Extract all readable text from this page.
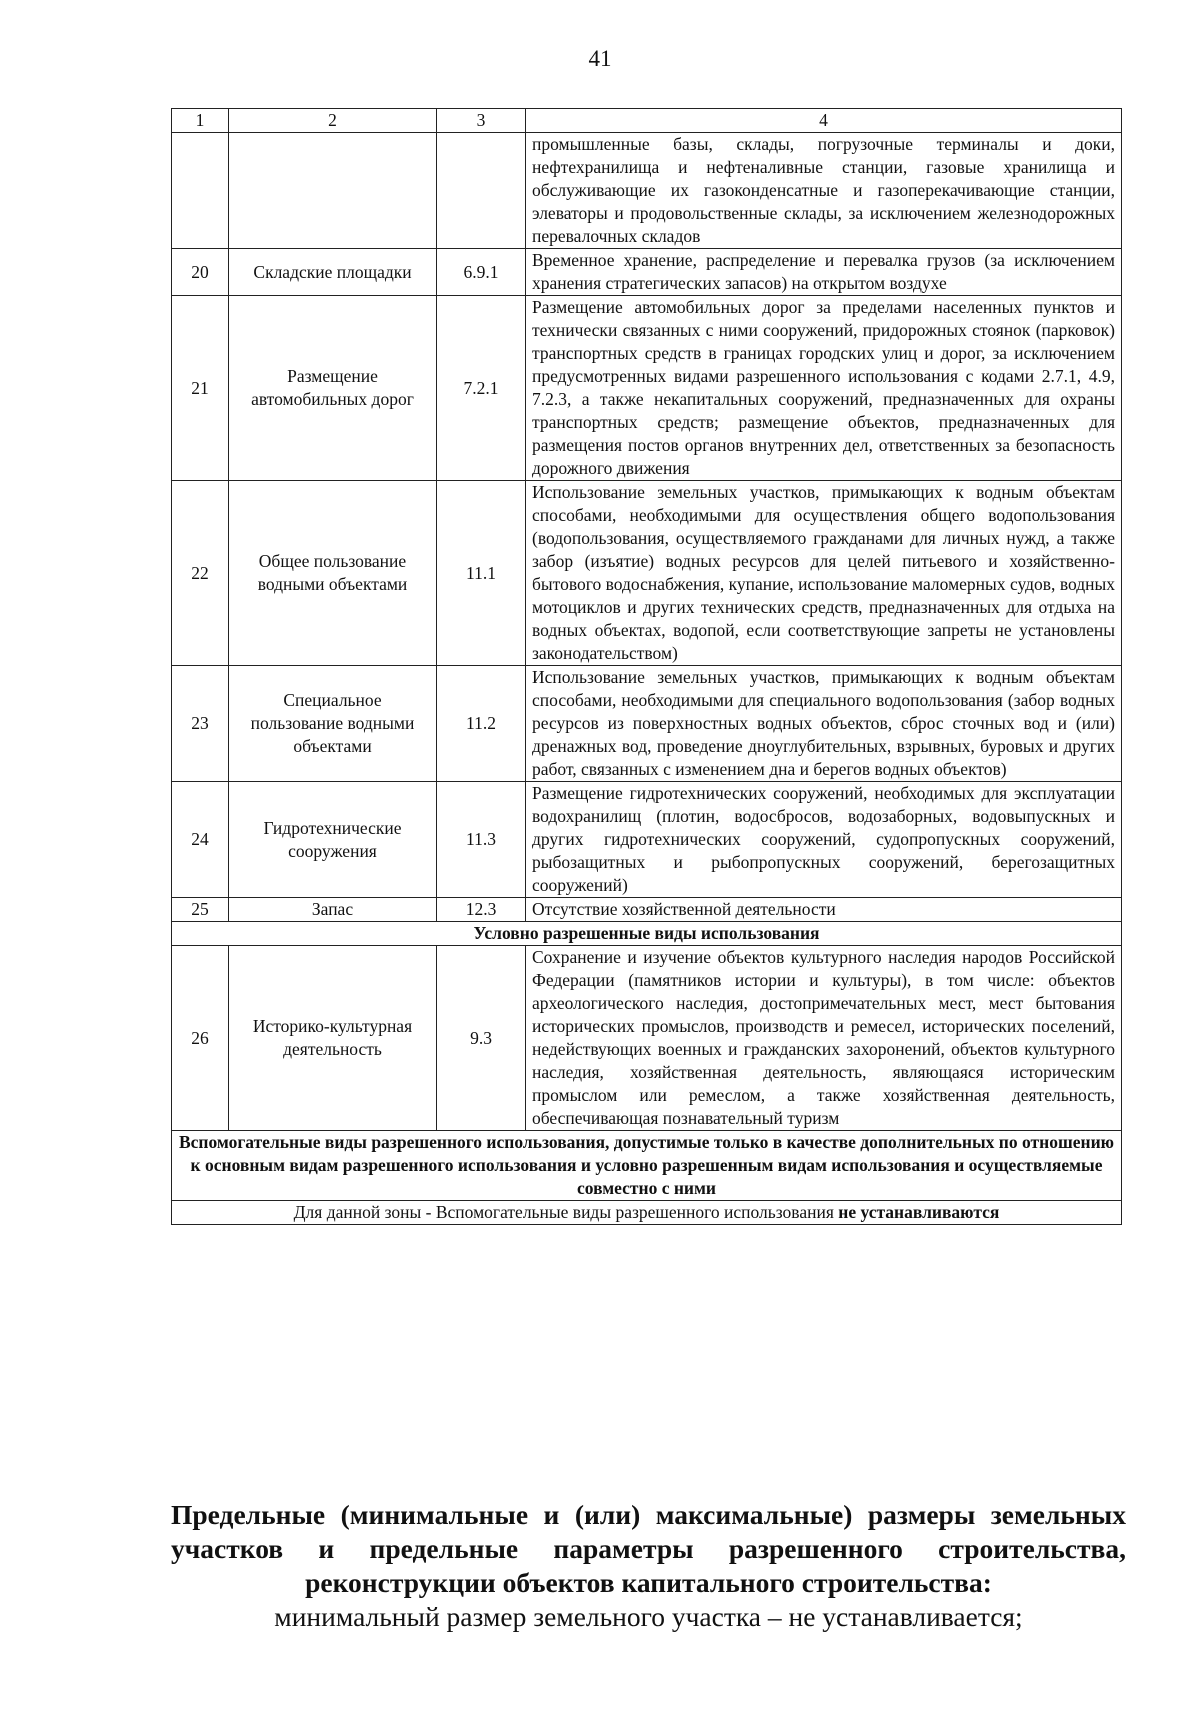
41
1	2	3	4
			промышленные базы, склады, погрузочные терминалы и доки, нефтехранилища и нефтеналивные станции, газовые хранилища и обслуживающие их газоконденсатные и газоперекачивающие станции, элеваторы и продовольственные склады, за исключением железнодорожных перевалочных складов
20	Складские площадки	6.9.1	Временное хранение, распределение и перевалка грузов (за исключением хранения стратегических запасов) на открытом воздухе
21	Размещение автомобильных дорог	7.2.1	Размещение автомобильных дорог за пределами населенных пунктов и технически связанных с ними сооружений, придорожных стоянок (парковок) транспортных средств в границах городских улиц и дорог, за исключением предусмотренных видами разрешенного использования с кодами 2.7.1, 4.9, 7.2.3, а также некапитальных сооружений, предназначенных для охраны транспортных средств; размещение объектов, предназначенных для размещения постов органов внутренних дел, ответственных за безопасность дорожного движения
22	Общее пользование водными объектами	11.1	Использование земельных участков, примыкающих к водным объектам способами, необходимыми для осуществления общего водопользования (водопользования, осуществляемого гражданами для личных нужд, а также забор (изъятие) водных ресурсов для целей питьевого и хозяйственно-бытового водоснабжения, купание, использование маломерных судов, водных мотоциклов и других технических средств, предназначенных для отдыха на водных объектах, водопой, если соответствующие запреты не установлены законодательством)
23	Специальное пользование водными объектами	11.2	Использование земельных участков, примыкающих к водным объектам способами, необходимыми для специального водопользования (забор водных ресурсов из поверхностных водных объектов, сброс сточных вод и (или) дренажных вод, проведение дноуглубительных, взрывных, буровых и других работ, связанных с изменением дна и берегов водных объектов)
24	Гидротехнические сооружения	11.3	Размещение гидротехнических сооружений, необходимых для эксплуатации водохранилищ (плотин, водосбросов, водозаборных, водовыпускных и других гидротехнических сооружений, судопропускных сооружений, рыбозащитных и рыбопропускных сооружений, берегозащитных сооружений)
25	Запас	12.3	Отсутствие хозяйственной деятельности
Условно разрешенные виды использования			
26	Историко-культурная деятельность	9.3	Сохранение и изучение объектов культурного наследия народов Российской Федерации (памятников истории и культуры), в том числе: объектов археологического наследия, достопримечательных мест, мест бытования исторических промыслов, производств и ремесел, исторических поселений, недействующих военных и гражданских захоронений, объектов культурного наследия, хозяйственная деятельность, являющаяся историческим промыслом или ремеслом, а также хозяйственная деятельность, обеспечивающая познавательный туризм
Вспомогательные виды разрешенного использования, допустимые только в качестве дополнительных по отношению к основным видам разрешенного использования и условно разрешенным видам использования и осуществляемые совместно с ними			
Для данной зоны - Вспомогательные виды разрешенного использования не устанавливаются			
Предельные (минимальные и (или) максимальные) размеры земельных участков и предельные параметры разрешенного строительства, реконструкции объектов капитального строительства:
минимальный размер земельного участка – не устанавливается;
